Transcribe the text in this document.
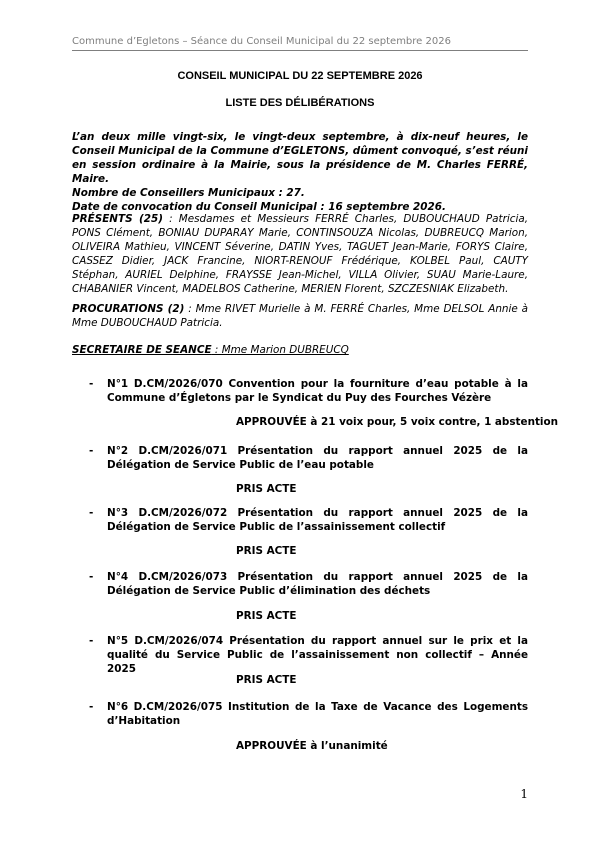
Commune d’Egletons – Séance du Conseil Municipal du 22 septembre 2026
CONSEIL MUNICIPAL DU 22 SEPTEMBRE 2026
LISTE DES DÉLIBÉRATIONS
L’an deux mille vingt-six, le vingt-deux septembre, à dix-neuf heures, le Conseil Municipal de la Commune d’EGLETONS, dûment convoqué, s’est réuni en session ordinaire à la Mairie, sous la présidence de M. Charles FERRÉ, Maire.
Nombre de Conseillers Municipaux : 27.
Date de convocation du Conseil Municipal : 16 septembre 2026.
PRÉSENTS (25) : Mesdames et Messieurs FERRÉ Charles, DUBOUCHAUD Patricia, PONS Clément, BONIAU DUPARAY Marie, CONTINSOUZA Nicolas, DUBREUCQ Marion, OLIVEIRA Mathieu, VINCENT Séverine, DATIN Yves, TAGUET Jean-Marie, FORYS Claire, CASSEZ Didier, JACK Francine, NIORT-RENOUF Frédérique, KOLBEL Paul, CAUTY Stéphan, AURIEL Delphine, FRAYSSE Jean-Michel, VILLA Olivier, SUAU Marie-Laure, CHABANIER Vincent, MADELBOS Catherine, MERIEN Florent, SZCZESNIAK Elizabeth.
PROCURATIONS (2) : Mme RIVET Murielle à M. FERRÉ Charles, Mme DELSOL Annie à Mme DUBOUCHAUD Patricia.
SECRETAIRE DE SEANCE : Mme Marion DUBREUCQ
- N°1 D.CM/2026/070 Convention pour la fourniture d’eau potable à la Commune d’Égletons par le Syndicat du Puy des Fourches Vézère
APPROUVÉE à 21 voix pour, 5 voix contre, 1 abstention
- N°2 D.CM/2026/071 Présentation du rapport annuel 2025 de la Délégation de Service Public de l’eau potable
PRIS ACTE
- N°3 D.CM/2026/072 Présentation du rapport annuel 2025 de la Délégation de Service Public de l’assainissement collectif
PRIS ACTE
- N°4 D.CM/2026/073 Présentation du rapport annuel 2025 de la Délégation de Service Public d’élimination des déchets
PRIS ACTE
- N°5 D.CM/2026/074 Présentation du rapport annuel sur le prix et la qualité du Service Public de l’assainissement non collectif – Année 2025
PRIS ACTE
- N°6 D.CM/2026/075 Institution de la Taxe de Vacance des Logements d’Habitation
APPROUVÉE à l’unanimité
1
